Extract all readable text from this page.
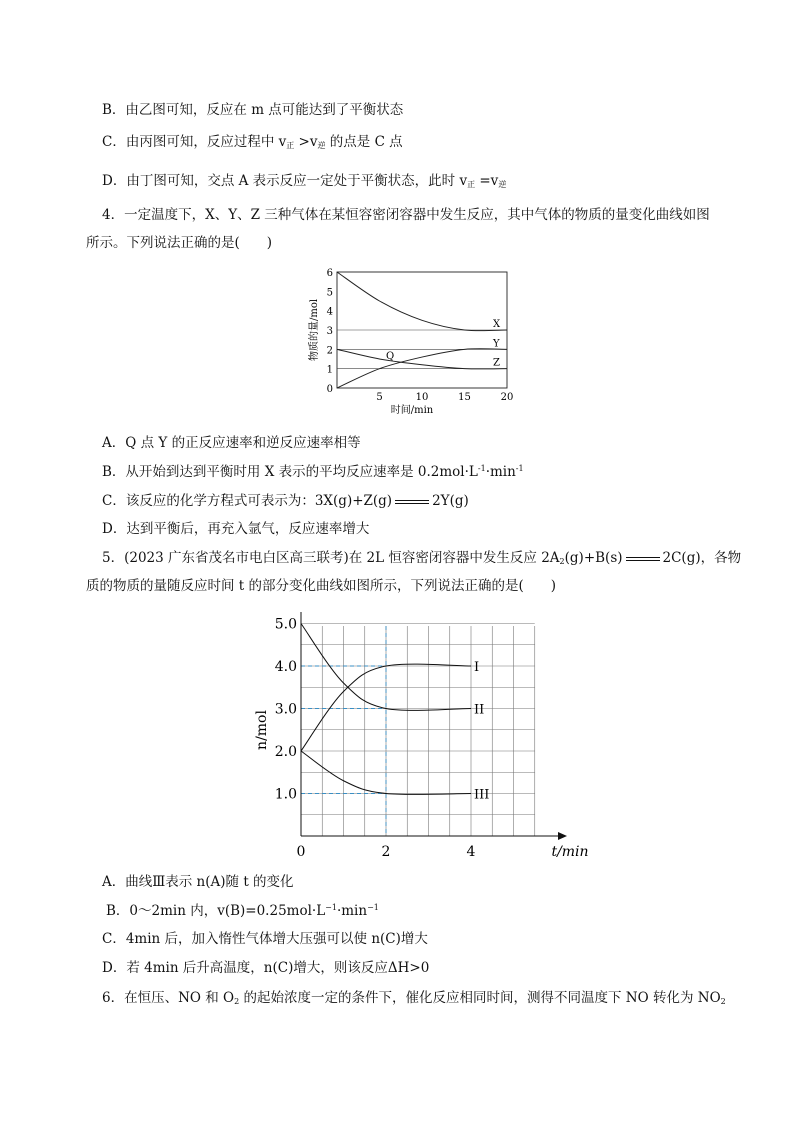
B．由乙图可知，反应在 m 点可能达到了平衡状态
C．由丙图可知，反应过程中 $v_正 >v_逆$ 的点是 C 点
D．由丁图可知，交点 A 表示反应一定处于平衡状态，此时 $v_正 =v_逆$
4．一定温度下，X、Y、Z 三种气体在某恒容密闭容器中发生反应，其中气体的物质的量变化曲线如图
所示。下列说法正确的是(　　)
0
1
2
3
4
5
6
5	10	15	20
X
Y
Z
Q
时间/min
物质的量/mol
A．Q 点 Y 的正反应速率和逆反应速率相等
B．从开始到达到平衡时用 X 表示的平均反应速率是 $0.2mol\cdot L^{-1}\cdot\min^{-1}$
C．该反应的化学方程式可表示为：3X(g)+Z(g)	2Y(g)
D．达到平衡后，再充入氩气，反应速率增大
5．(2023 广东省茂名市电白区高三联考)在 2L 恒容密闭容器中发生反应 $2A_2(g)+B(s)$	2C(g)，各物
质的物质的量随反应时间 t 的部分变化曲线如图所示，下列说法正确的是(　　)
1.0
2.0
3.0
4.0
5.0
0	2	4
I
II
III
t/min
n/mol
A．曲线Ⅲ表示 n(A)随 t 的变化
B．0～2min 内，$v(B)=0.25mol\cdot L^{-1}\cdot\min^{-1}$
C．4min 后，加入惰性气体增大压强可以使 n(C)增大
D．若 4min 后升高温度，n(C)增大，则该反应ΔH>0
6．在恒压、NO 和 $O_2$ 的起始浓度一定的条件下，催化反应相同时间，测得不同温度下 NO 转化为 $NO_2$
